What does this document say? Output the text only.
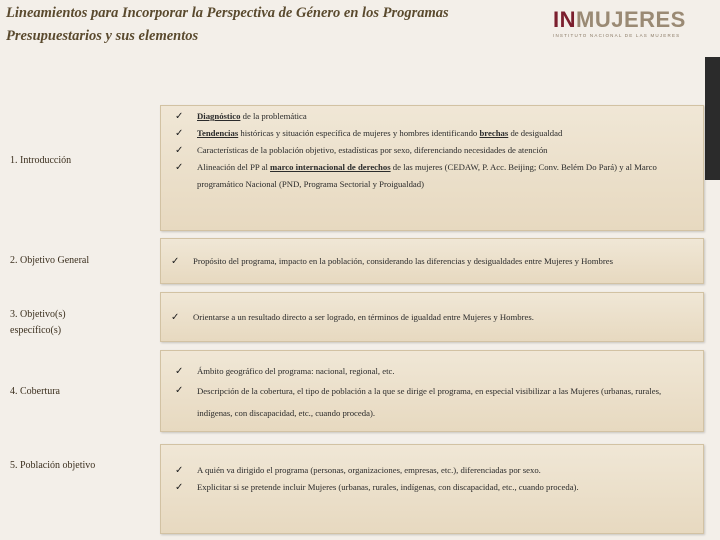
Lineamientos para Incorporar la Perspectiva de Género en los Programas
Presupuestarios y sus elementos
INMUJERES
INSTITUTO NACIONAL DE LAS MUJERES
1. Introducción
✓ Diagnóstico de la problemática
✓ Tendencias históricas y situación específica de mujeres y hombres identificando brechas de desigualdad
✓ Características de la población objetivo, estadísticas por sexo, diferenciando necesidades de atención
✓ Alineación del PP al marco internacional de derechos de las mujeres (CEDAW, P. Acc. Beijing; Conv. Belém Do Pará) y al Marco programático Nacional (PND, Programa Sectorial y Proigualdad)
2. Objetivo General	✓ Propósito del programa, impacto en la población, considerando las diferencias y desigualdades entre Mujeres y Hombres
3. Objetivo(s) específico(s)
✓ Orientarse a un resultado directo a ser logrado, en términos de igualdad entre Mujeres y Hombres.
4. Cobertura
✓ Ámbito geográfico del programa: nacional, regional, etc.
✓ Descripción de la cobertura, el tipo de población a la que se dirige el programa, en especial visibilizar a las Mujeres (urbanas, rurales, indígenas, con discapacidad, etc., cuando proceda).
5. Población objetivo	✓ A quién va dirigido el programa (personas, organizaciones, empresas, etc.), diferenciadas por sexo.
✓ Explicitar si se pretende incluir Mujeres (urbanas, rurales, indígenas, con discapacidad, etc., cuando proceda).
